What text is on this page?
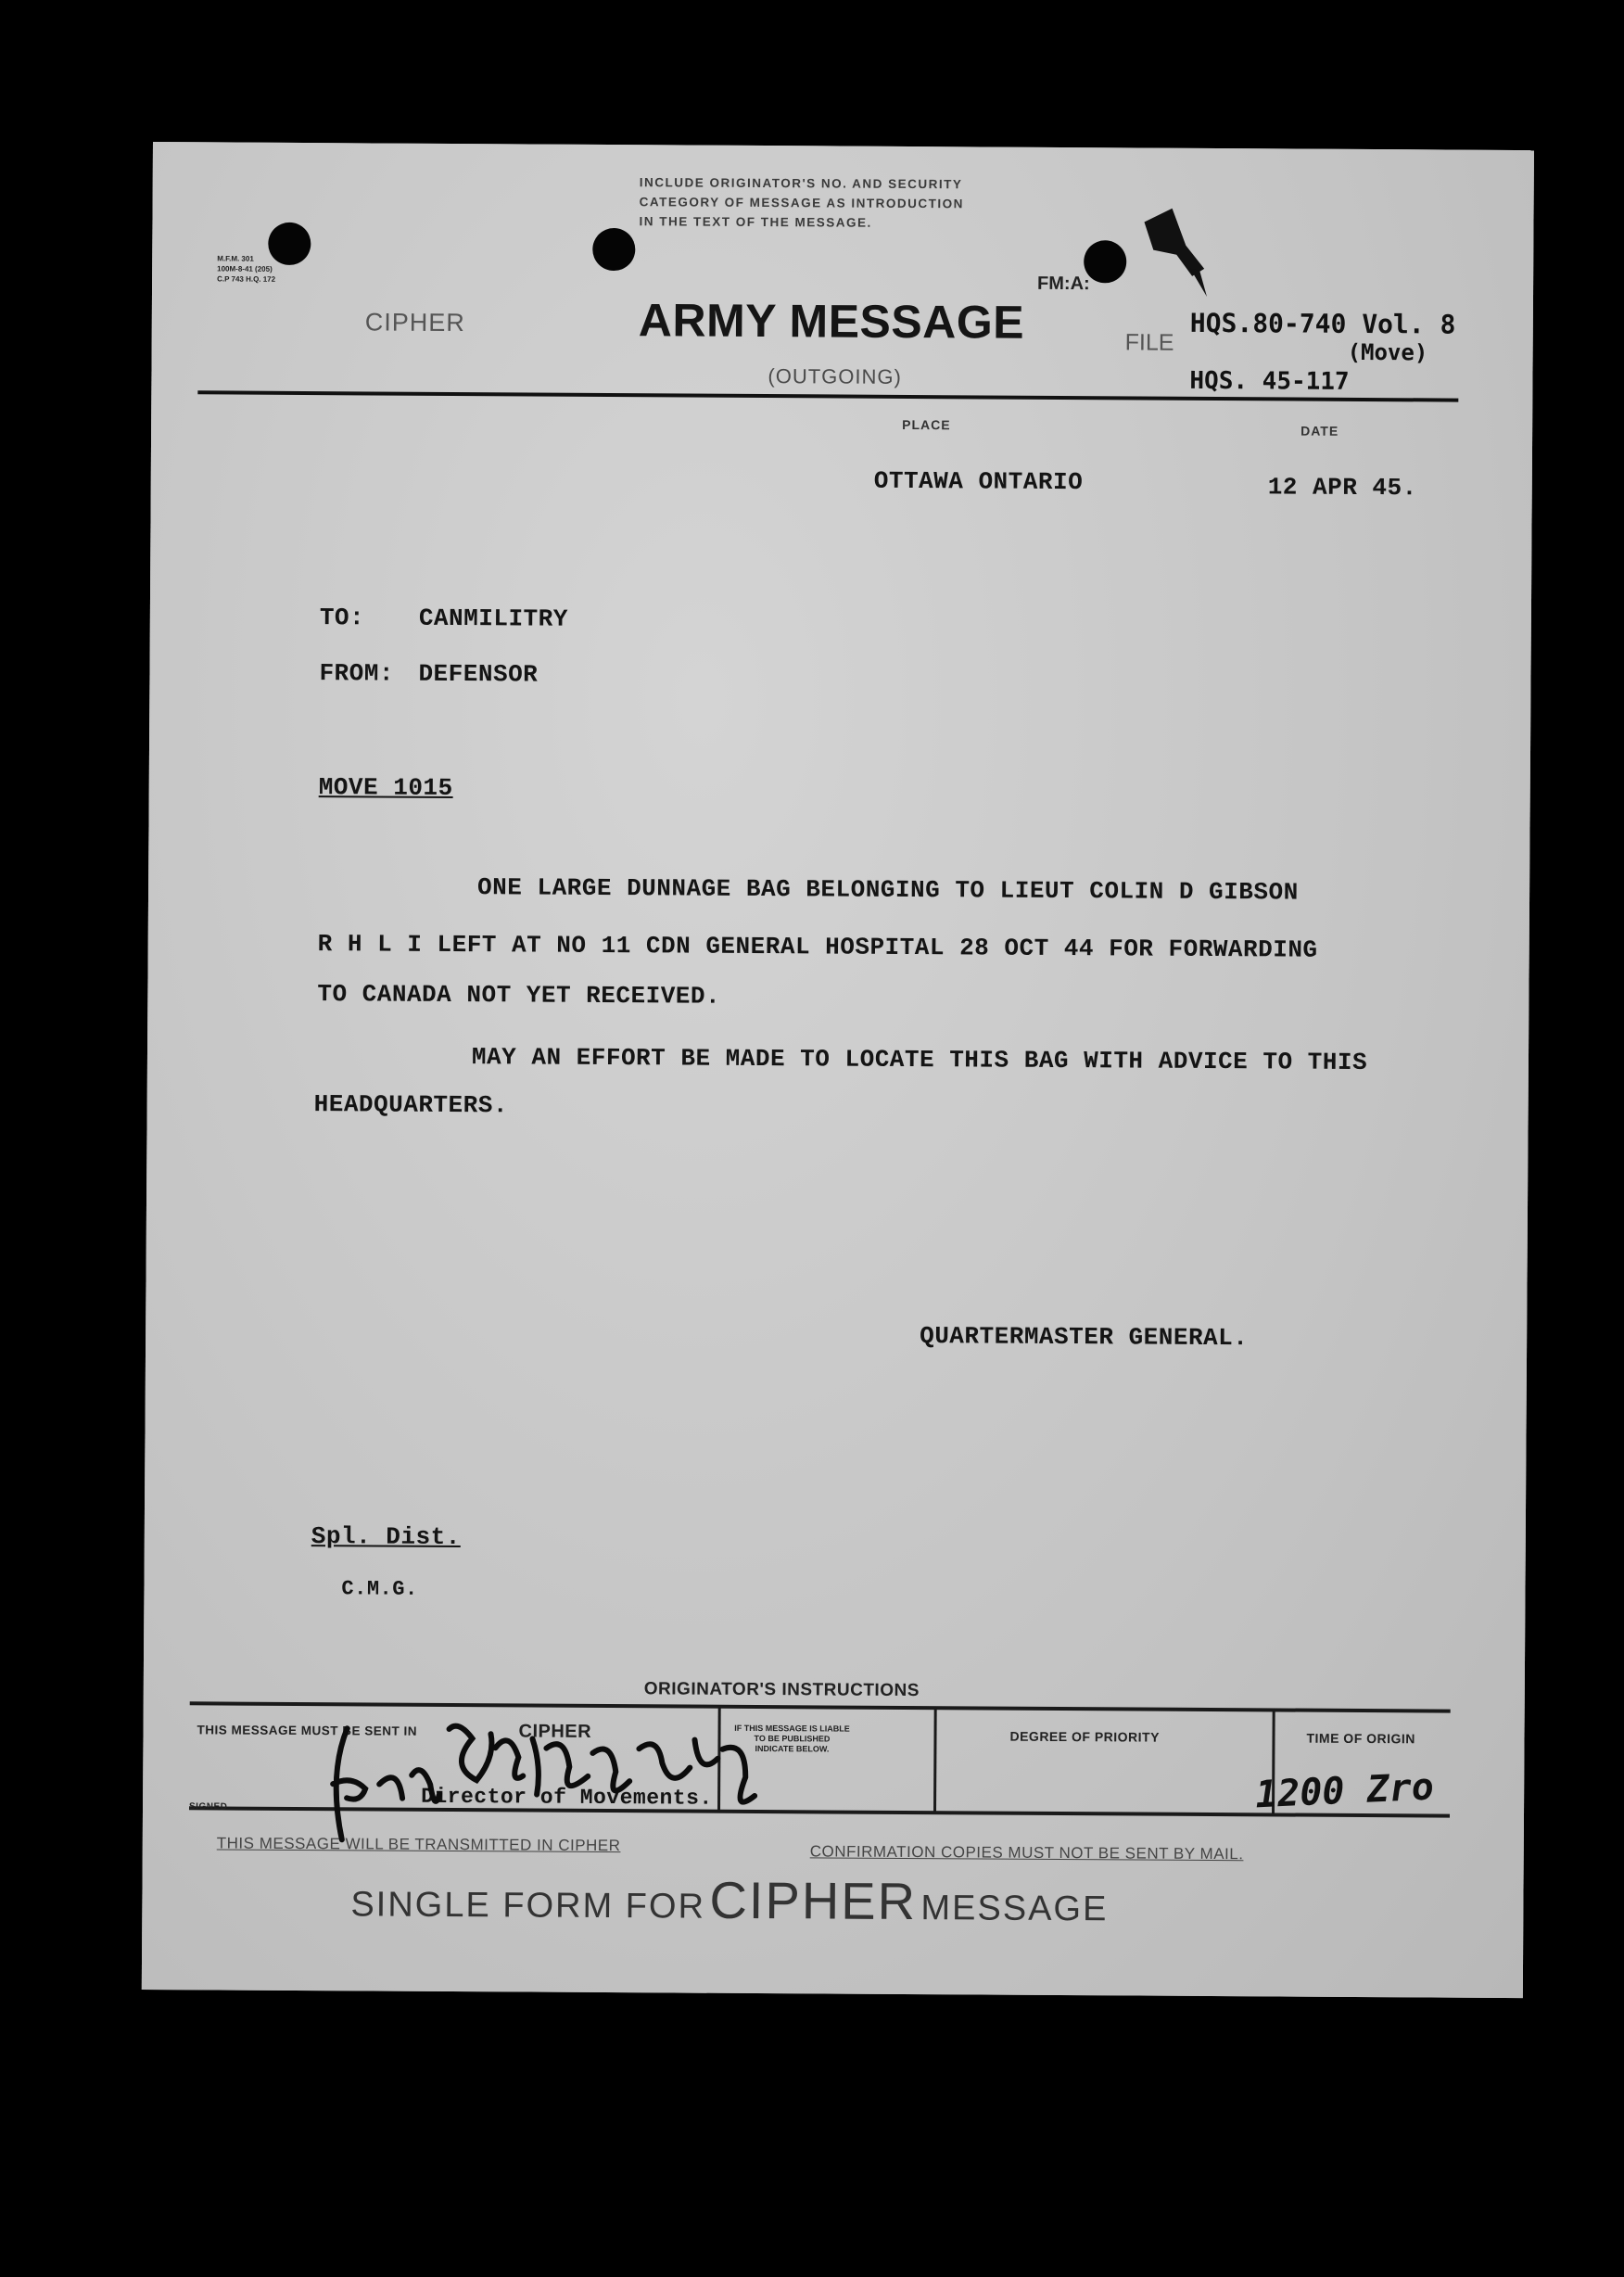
INCLUDE ORIGINATOR'S NO. AND SECURITY
CATEGORY OF MESSAGE AS INTRODUCTION
IN THE TEXT OF THE MESSAGE.
M.F.M. 301
100M-8-41 (205)
C.P 743 H.Q. 172
CIPHER	ARMY MESSAGE
(OUTGOING)
FM:A:
FILE
HQS.80-740 Vol. 8
(Move)
HQS. 45-117
PLACE	DATE
OTTAWA ONTARIO	12 APR 45.
TO: CANMILITRY
FROM: DEFENSOR
MOVE 1015
ONE LARGE DUNNAGE BAG BELONGING TO LIEUT COLIN D GIBSON
R H L I LEFT AT NO 11 CDN GENERAL HOSPITAL 28 OCT 44 FOR FORWARDING
TO CANADA NOT YET RECEIVED.
MAY AN EFFORT BE MADE TO LOCATE THIS BAG WITH ADVICE TO THIS
HEADQUARTERS.
QUARTERMASTER GENERAL.
Spl. Dist.
C.M.G.
ORIGINATOR'S INSTRUCTIONS
THIS MESSAGE MUST BE SENT IN	CIPHER	IF THIS MESSAGE IS LIABLE
TO BE PUBLISHED
INDICATE BELOW.
DEGREE OF PRIORITY	TIME OF ORIGIN
1200 Zro
SIGNED	Director of Movements.
THIS MESSAGE WILL BE TRANSMITTED IN CIPHER	CONFIRMATION COPIES MUST NOT BE SENT BY MAIL.
SINGLE FORM FOR CIPHER MESSAGE
